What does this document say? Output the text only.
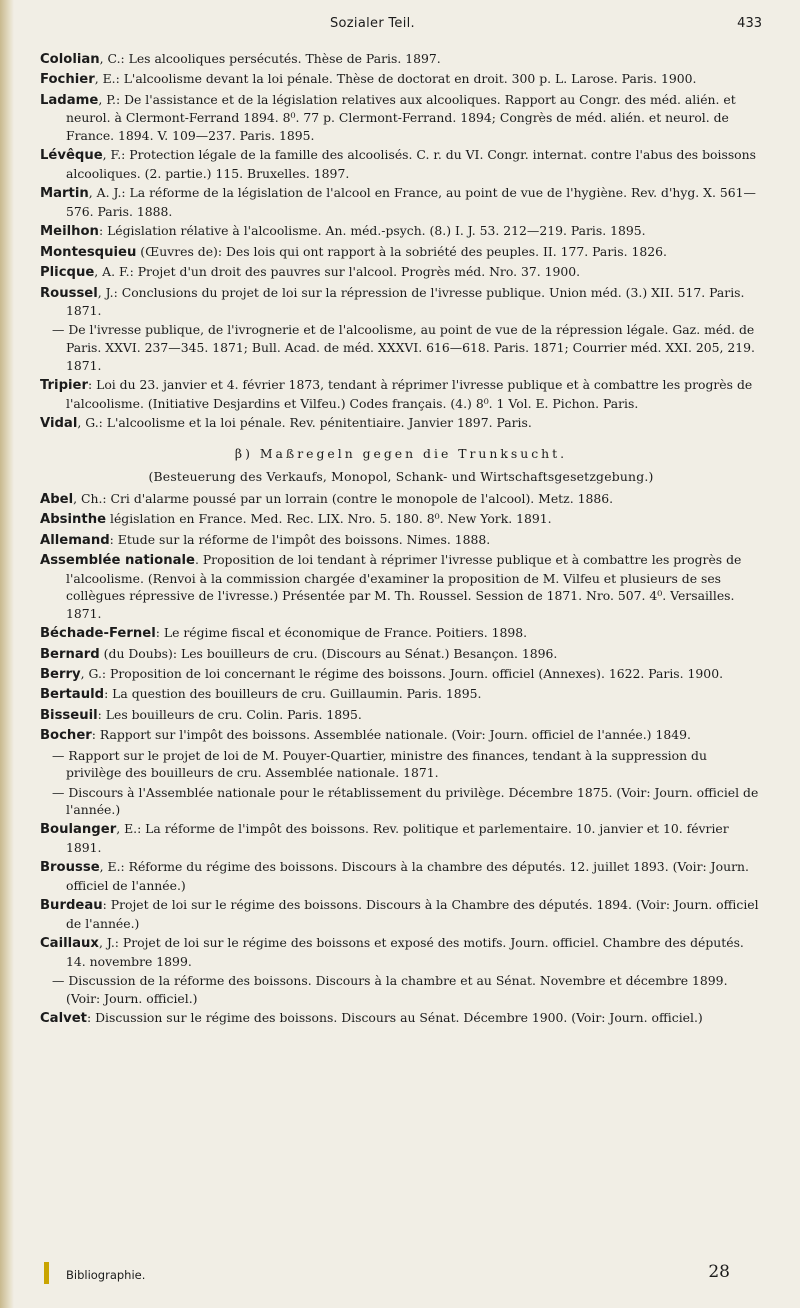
Sozialer Teil.	433
Cololian, C.: Les alcooliques persécutés. Thèse de Paris. 1897.
Fochier, E.: L'alcoolisme devant la loi pénale. Thèse de doctorat en droit. 300 p. L. Larose. Paris. 1900.
Ladame, P.: De l'assistance et de la législation relatives aux alcooliques. Rapport au Congr. des méd. alién. et neurol. à Clermont-Ferrand 1894. 8⁰. 77 p. Clermont-Ferrand. 1894; Congrès de méd. alién. et neurol. de France. 1894. V. 109—237. Paris. 1895.
Lévêque, F.: Protection légale de la famille des alcoolisés. C. r. du VI. Congr. internat. contre l'abus des boissons alcooliques. (2. partie.) 115. Bruxelles. 1897.
Martin, A. J.: La réforme de la législation de l'alcool en France, au point de vue de l'hygiène. Rev. d'hyg. X. 561—576. Paris. 1888.
Meilhon: Législation rélative à l'alcoolisme. An. méd.-psych. (8.) I. J. 53. 212—219. Paris. 1895.
Montesquieu (Œuvres de): Des lois qui ont rapport à la sobriété des peuples. II. 177. Paris. 1826.
Plicque, A. F.: Projet d'un droit des pauvres sur l'alcool. Progrès méd. Nro. 37. 1900.
Roussel, J.: Conclusions du projet de loi sur la répression de l'ivresse publique. Union méd. (3.) XII. 517. Paris. 1871.
— De l'ivresse publique, de l'ivrognerie et de l'alcoolisme, au point de vue de la répression légale. Gaz. méd. de Paris. XXVI. 237—345. 1871; Bull. Acad. de méd. XXXVI. 616—618. Paris. 1871; Courrier méd. XXI. 205, 219. 1871.
Tripier: Loi du 23. janvier et 4. février 1873, tendant à réprimer l'ivresse publique et à combattre les progrès de l'alcoolisme. (Initiative Desjardins et Vilfeu.) Codes français. (4.) 8⁰. 1 Vol. E. Pichon. Paris.
Vidal, G.: L'alcoolisme et la loi pénale. Rev. pénitentiaire. Janvier 1897. Paris.
β) Maßregeln gegen die Trunksucht.
(Besteuerung des Verkaufs, Monopol, Schank- und Wirtschaftsgesetzgebung.)
Abel, Ch.: Cri d'alarme poussé par un lorrain (contre le monopole de l'alcool). Metz. 1886.
Absinthe législation en France. Med. Rec. LIX. Nro. 5. 180. 8⁰. New York. 1891.
Allemand: Etude sur la réforme de l'impôt des boissons. Nimes. 1888.
Assemblée nationale. Proposition de loi tendant à réprimer l'ivresse publique et à combattre les progrès de l'alcoolisme. (Renvoi à la commission chargée d'examiner la proposition de M. Vilfeu et plusieurs de ses collègues répressive de l'ivresse.) Présentée par M. Th. Roussel. Session de 1871. Nro. 507. 4⁰. Versailles. 1871.
Béchade-Fernel: Le régime fiscal et économique de France. Poitiers. 1898.
Bernard (du Doubs): Les bouilleurs de cru. (Discours au Sénat.) Besançon. 1896.
Berry, G.: Proposition de loi concernant le régime des boissons. Journ. officiel (Annexes). 1622. Paris. 1900.
Bertauld: La question des bouilleurs de cru. Guillaumin. Paris. 1895.
Bisseuil: Les bouilleurs de cru. Colin. Paris. 1895.
Bocher: Rapport sur l'impôt des boissons. Assemblée nationale. (Voir: Journ. officiel de l'année.) 1849.
— Rapport sur le projet de loi de M. Pouyer-Quartier, ministre des finances, tendant à la suppression du privilège des bouilleurs de cru. Assemblée nationale. 1871.
— Discours à l'Assemblée nationale pour le rétablissement du privilège. Décembre 1875. (Voir: Journ. officiel de l'année.)
Boulanger, E.: La réforme de l'impôt des boissons. Rev. politique et parlementaire. 10. janvier et 10. février 1891.
Brousse, E.: Réforme du régime des boissons. Discours à la chambre des députés. 12. juillet 1893. (Voir: Journ. officiel de l'année.)
Burdeau: Projet de loi sur le régime des boissons. Discours à la Chambre des députés. 1894. (Voir: Journ. officiel de l'année.)
Caillaux, J.: Projet de loi sur le régime des boissons et exposé des motifs. Journ. officiel. Chambre des députés. 14. novembre 1899.
— Discussion de la réforme des boissons. Discours à la chambre et au Sénat. Novembre et décembre 1899. (Voir: Journ. officiel.)
Calvet: Discussion sur le régime des boissons. Discours au Sénat. Décembre 1900. (Voir: Journ. officiel.)
Bibliographie.	28
